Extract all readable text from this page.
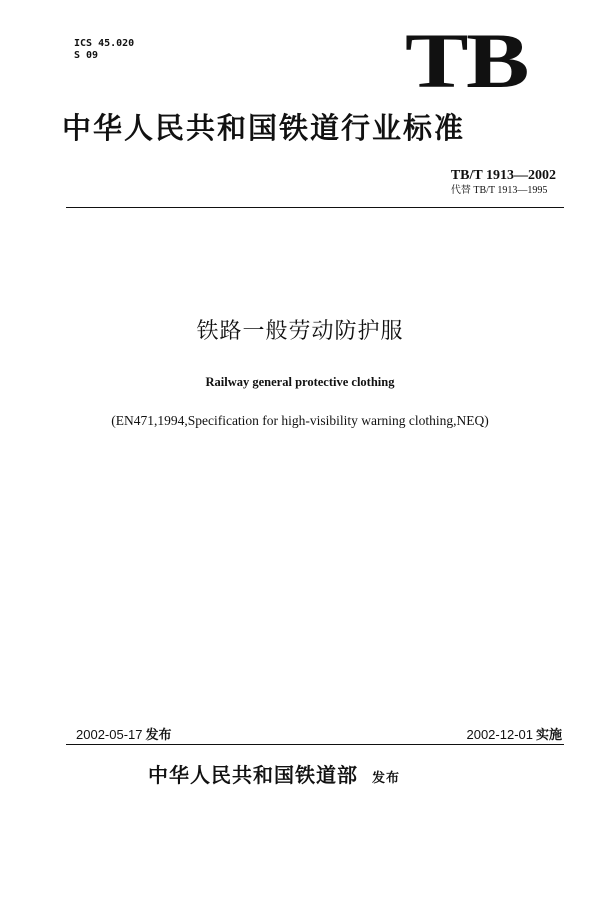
ICS 45.020
S 09	TB
中华人民共和国铁道行业标准
TB/T 1913—2002
代替 TB/T 1913—1995
铁路一般劳动防护服
Railway general protective clothing
(EN471,1994,Specification for high-visibility warning clothing,NEQ)
2002-05-17 发布	2002-12-01 实施
中华人民共和国铁道部 发布
